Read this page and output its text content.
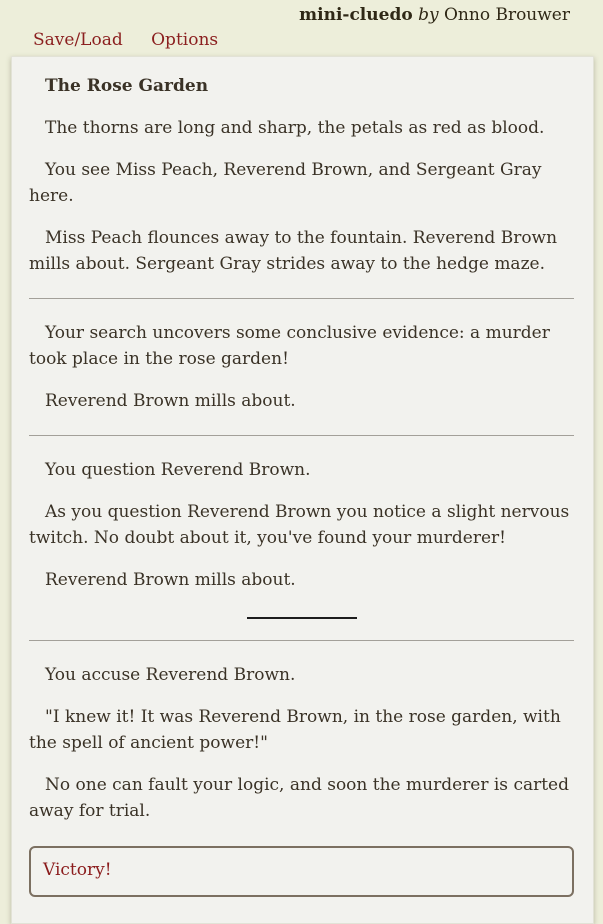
mini-cluedo by Onno Brouwer
Save/Load Options

The Rose Garden

The thorns are long and sharp, the petals as red as blood.

You see Miss Peach, Reverend Brown, and Sergeant Gray here.

Miss Peach flounces away to the fountain. Reverend Brown mills about. Sergeant Gray strides away to the hedge maze.

Your search uncovers some conclusive evidence: a murder took place in the rose garden!

Reverend Brown mills about.

You question Reverend Brown.

As you question Reverend Brown you notice a slight nervous twitch. No doubt about it, you've found your murderer!

Reverend Brown mills about.

You accuse Reverend Brown.

"I knew it! It was Reverend Brown, in the rose garden, with the spell of ancient power!"

No one can fault your logic, and soon the murderer is carted away for trial.

Victory!
